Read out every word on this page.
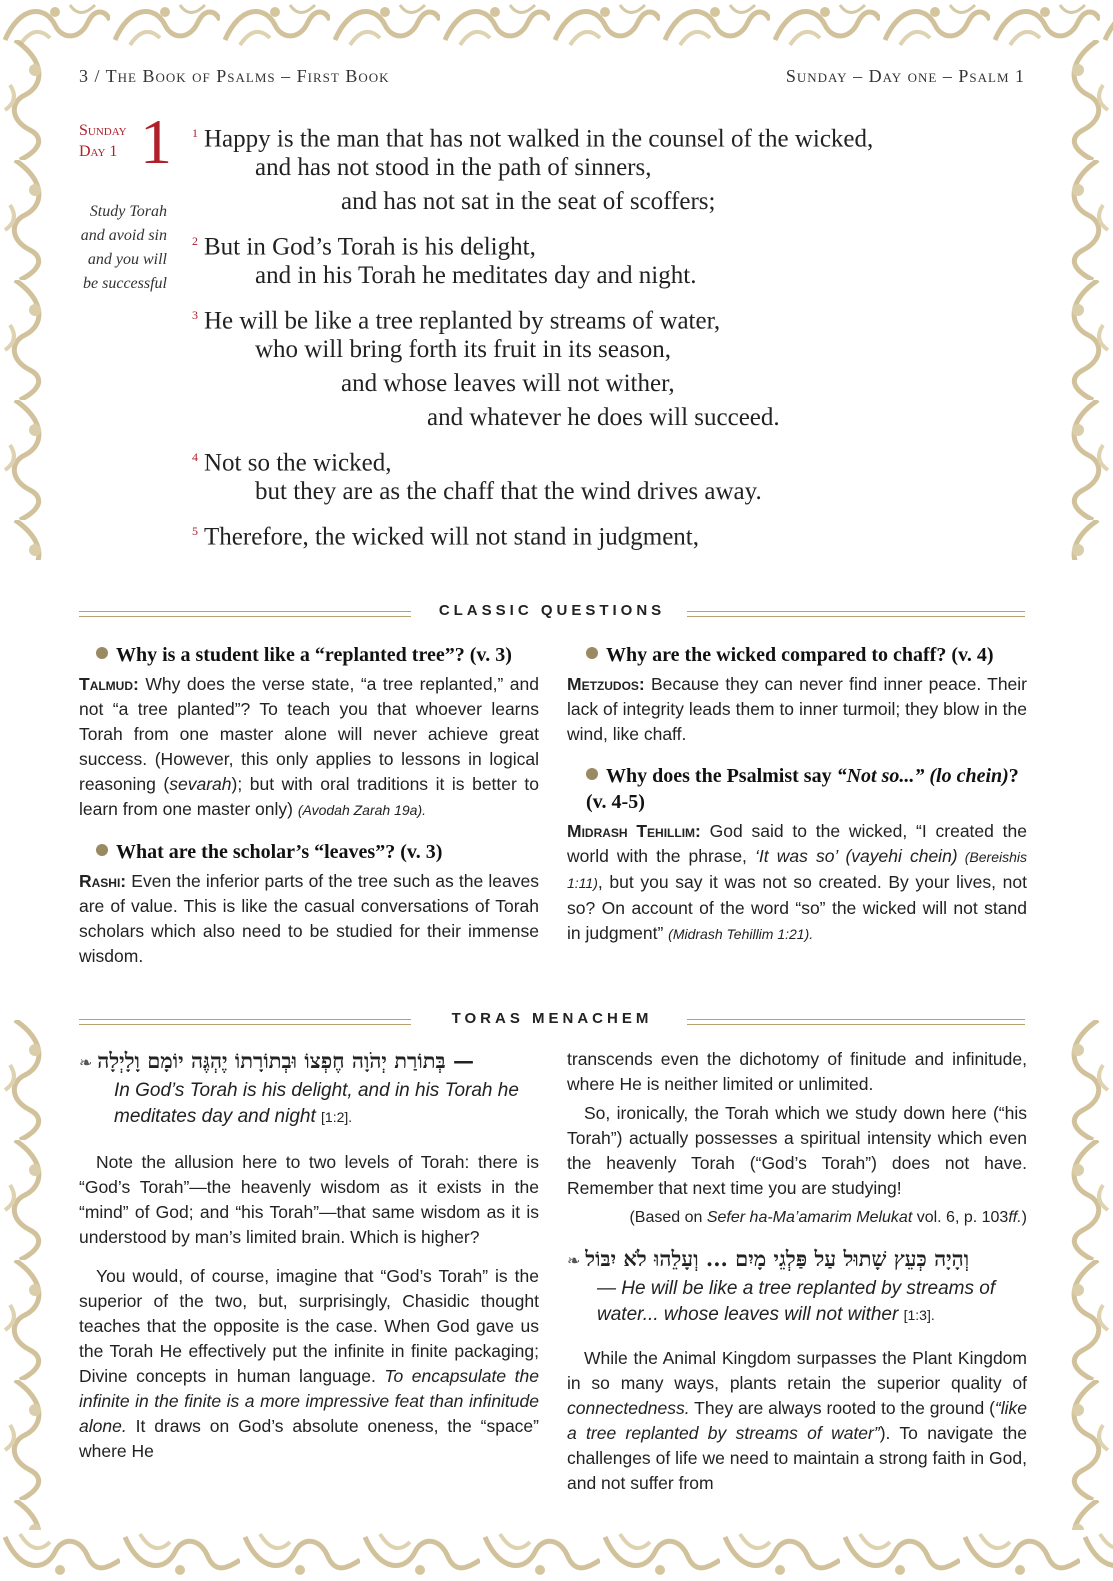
3 / The Book of Psalms – First Book	Sunday – Day one – Psalm 1
Sunday
Day 1 1
Study Torah and avoid sin and you will be successful
$^1$ Happy is the man that has not walked in the counsel of the wicked,
and has not stood in the path of sinners,
and has not sat in the seat of scoffers;
$^2$ But in God’s Torah is his delight,
and in his Torah he meditates day and night.
$^3$ He will be like a tree replanted by streams of water,
who will bring forth its fruit in its season,
and whose leaves will not wither,
and whatever he does will succeed.
$^4$ Not so the wicked,
but they are as the chaff that the wind drives away.
$^5$ Therefore, the wicked will not stand in judgment,
CLASSIC QUESTIONS
Why is a student like a “replanted tree”? (v. 3)

Talmud: Why does the verse state, “a tree replanted,” and not “a tree planted”? To teach you that whoever learns Torah from one master alone will never achieve great success. (However, this only applies to lessons in logical reasoning (sevarah); but with oral traditions it is better to learn from one master only) (Avodah Zarah 19a).

What are the scholar’s “leaves”? (v. 3)

Rashi: Even the inferior parts of the tree such as the leaves are of value. This is like the casual conversations of Torah scholars which also need to be studied for their immense wisdom.

Why are the wicked compared to chaff? (v. 4)

Metzudos: Because they can never find inner peace. Their lack of integrity leads them to inner turmoil; they blow in the wind, like chaff.

Why does the Psalmist say “Not so...” (lo chein)? (v. 4-5)

Midrash Tehillim: God said to the wicked, “I created the world with the phrase, ‘It was so’ (vayehi chein) (Bereishis 1:11), but you say it was not so created. By your lives, not so? On account of the word “so” the wicked will not stand in judgment” (Midrash Tehillim 1:21).

TORAS MENACHEM
❧ בְּתוֹרַת יְהֹוָה חֶפְצוֹ וּבְתוֹרָתוֹ יֶהְגֶּה יוֹמָם וָלָיְלָה —

In God’s Torah is his delight, and in his Torah he meditates day and night [1:2].

Note the allusion here to two levels of Torah: there is “God’s Torah”—the heavenly wisdom as it exists in the “mind” of God; and “his Torah”—that same wisdom as it is understood by man’s limited brain. Which is higher?

You would, of course, imagine that “God’s Torah” is the superior of the two, but, surprisingly, Chasidic thought teaches that the opposite is the case. When God gave us the Torah He effectively put the infinite in finite packaging; Divine concepts in human language. To encapsulate the infinite in the finite is a more impressive feat than infinitude alone. It draws on God’s absolute oneness, the “space” where He

transcends even the dichotomy of finitude and infinitude, where He is neither limited or unlimited.

So, ironically, the Torah which we study down here (“his Torah”) actually possesses a spiritual intensity which even the heavenly Torah (“God’s Torah”) does not have. Remember that next time you are studying!

(Based on Sefer ha-Ma’amarim Melukat vol. 6, p. 103ff.)

❧ וְהָיָה כְּעֵץ שָׁתוּל עַל פַּלְגֵי מָיִם ... וְעָלֵהוּ לֹא יִבּוֹל

— He will be like a tree replanted by streams of water... whose leaves will not wither [1:3].

While the Animal Kingdom surpasses the Plant Kingdom in so many ways, plants retain the superior quality of connectedness. They are always rooted to the ground (“like a tree replanted by streams of water”). To navigate the challenges of life we need to maintain a strong faith in God, and not suffer from
